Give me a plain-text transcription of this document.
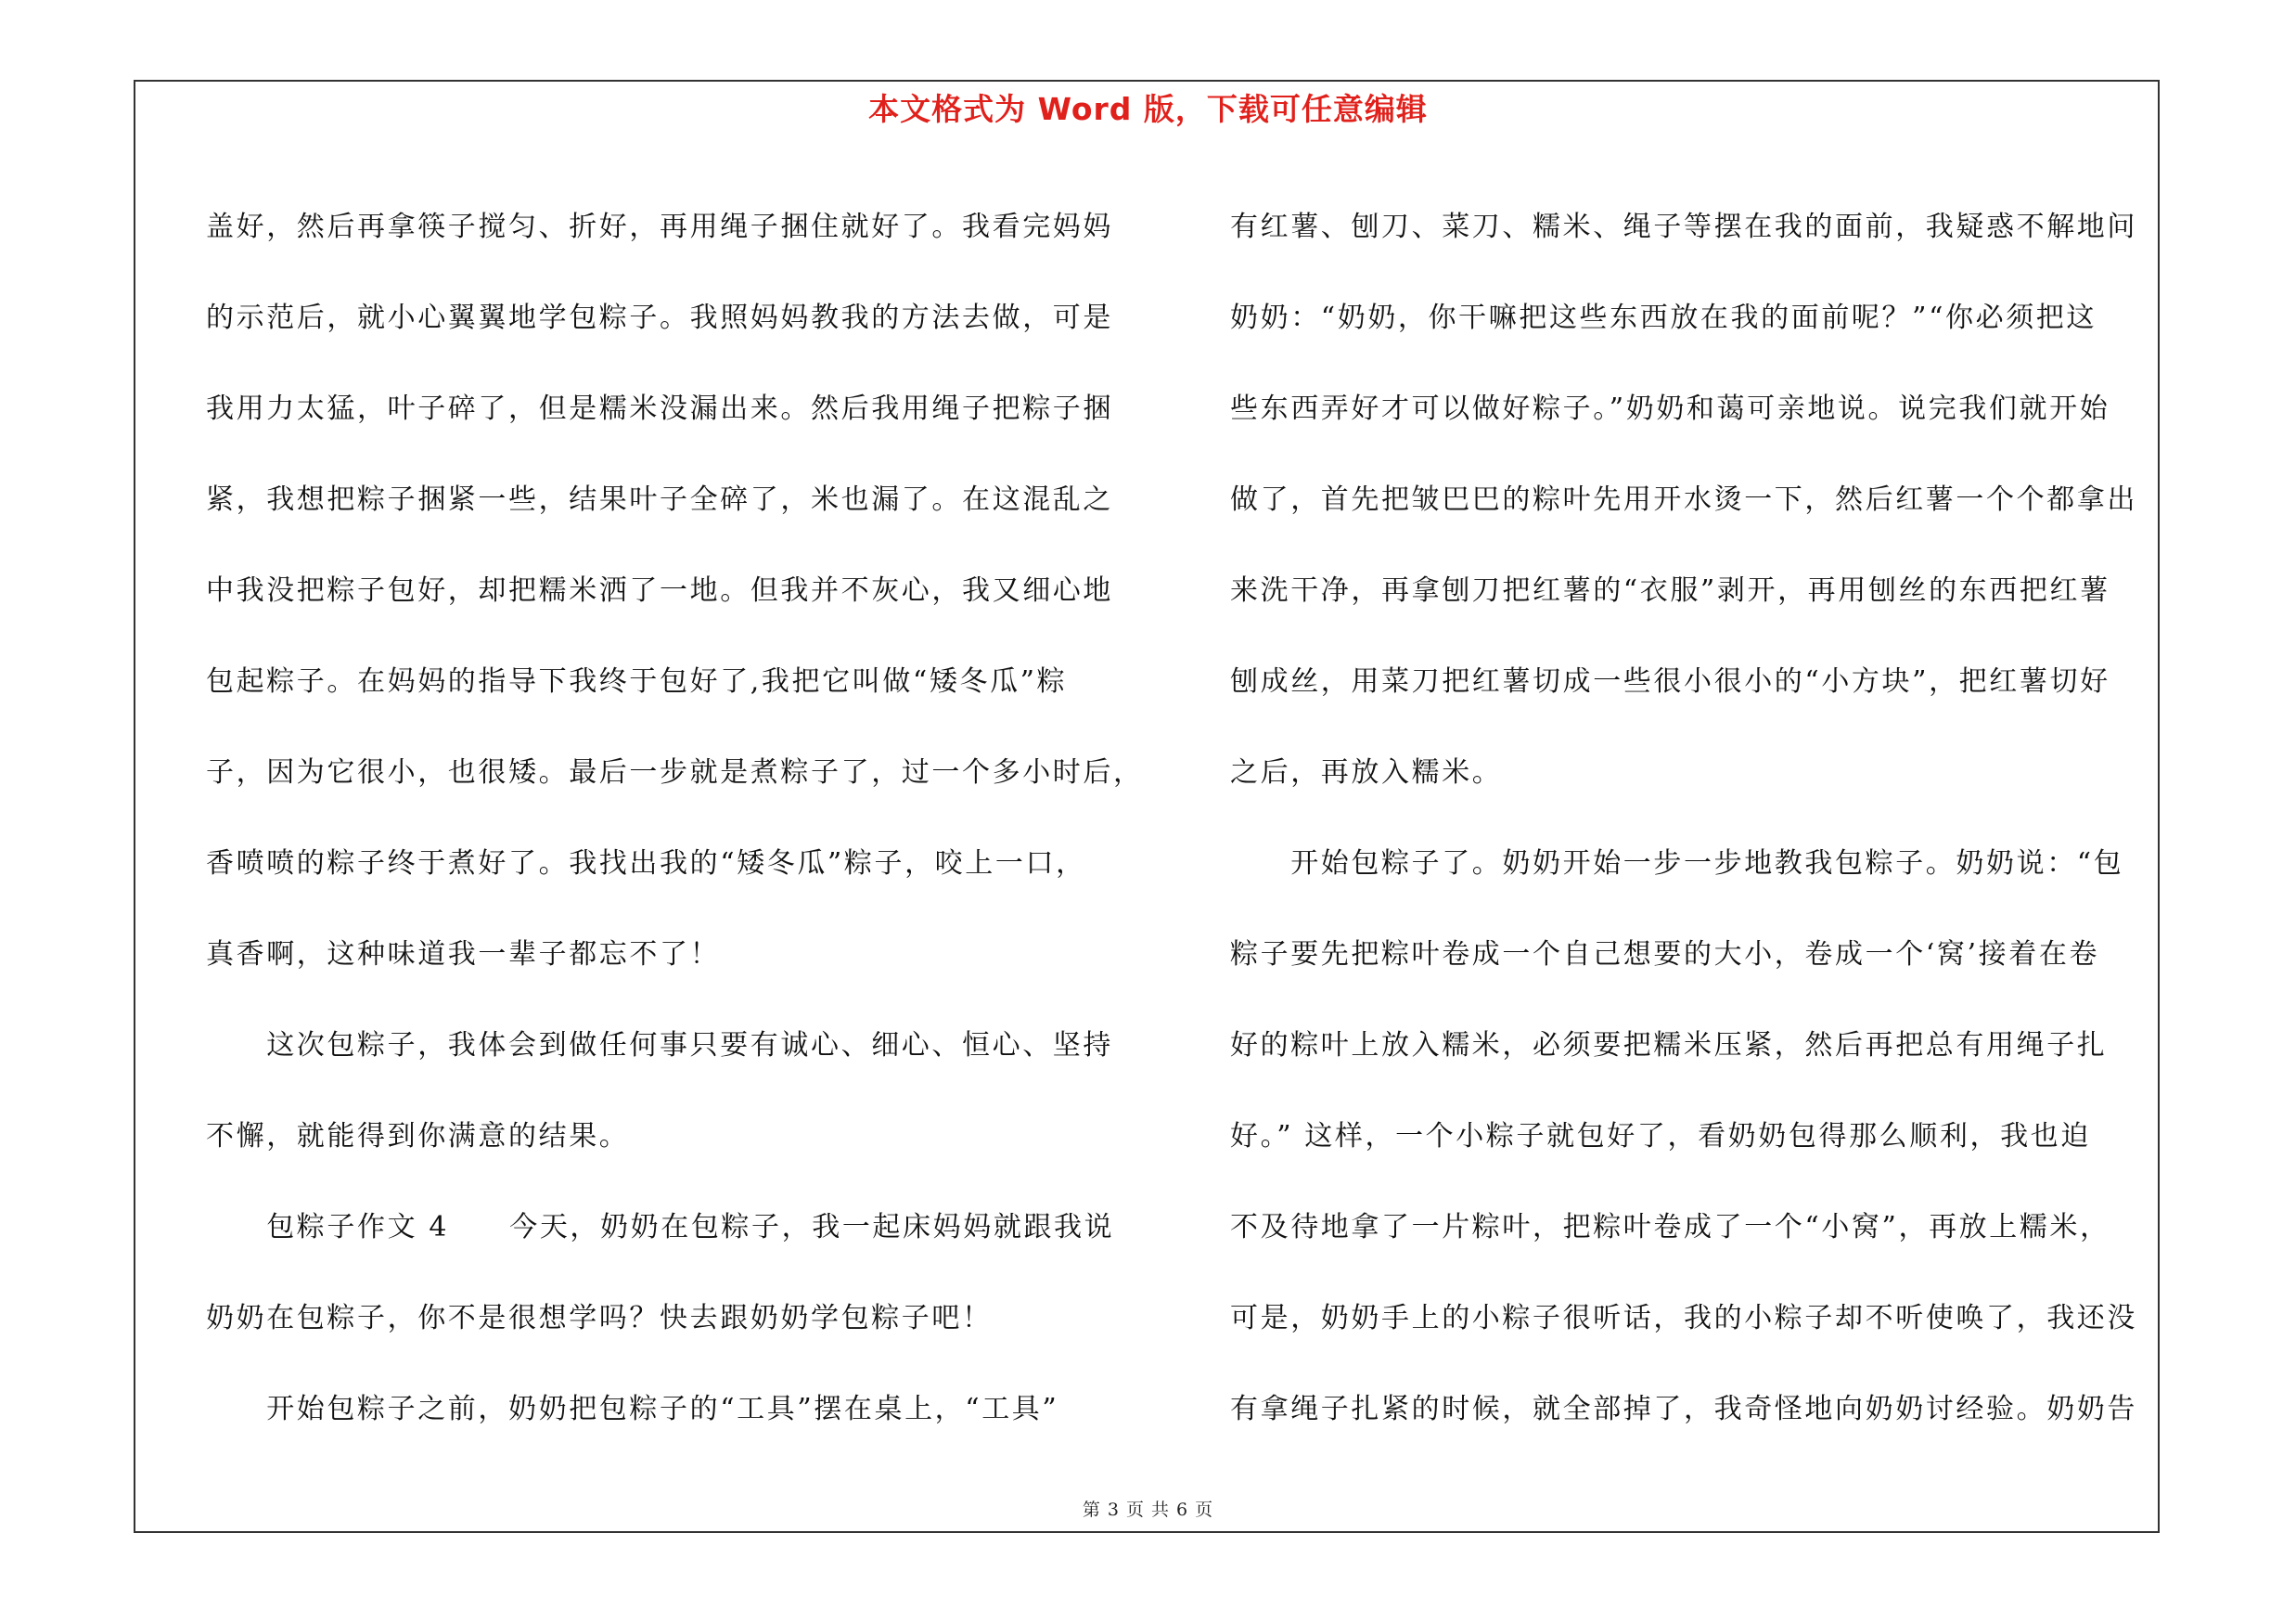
本文格式为 Word 版，下载可任意编辑
盖好，然后再拿筷子搅匀、折好，再用绳子捆住就好了。我看完妈妈
的示范后，就小心翼翼地学包粽子。我照妈妈教我的方法去做，可是
我用力太猛，叶子碎了，但是糯米没漏出来。然后我用绳子把粽子捆
紧，我想把粽子捆紧一些，结果叶子全碎了，米也漏了。在这混乱之
中我没把粽子包好，却把糯米洒了一地。但我并不灰心，我又细心地
包起粽子。在妈妈的指导下我终于包好了,我把它叫做“矮冬瓜”粽
子，因为它很小，也很矮。最后一步就是煮粽子了，过一个多小时后，
香喷喷的粽子终于煮好了。我找出我的“矮冬瓜”粽子，咬上一口，
真香啊，这种味道我一辈子都忘不了！
　　这次包粽子，我体会到做任何事只要有诚心、细心、恒心、坚持
不懈，就能得到你满意的结果。
　　包粽子作文 4　　今天，奶奶在包粽子，我一起床妈妈就跟我说
奶奶在包粽子，你不是很想学吗？快去跟奶奶学包粽子吧！
　　开始包粽子之前，奶奶把包粽子的“工具”摆在桌上，“工具”
有红薯、刨刀、菜刀、糯米、绳子等摆在我的面前，我疑惑不解地问
奶奶：“奶奶，你干嘛把这些东西放在我的面前呢？”“你必须把这
些东西弄好才可以做好粽子。”奶奶和蔼可亲地说。说完我们就开始
做了，首先把皱巴巴的粽叶先用开水烫一下，然后红薯一个个都拿出
来洗干净，再拿刨刀把红薯的“衣服”剥开，再用刨丝的东西把红薯
刨成丝，用菜刀把红薯切成一些很小很小的“小方块”，把红薯切好
之后，再放入糯米。
　　开始包粽子了。奶奶开始一步一步地教我包粽子。奶奶说：“包
粽子要先把粽叶卷成一个自己想要的大小，卷成一个‘窝’接着在卷
好的粽叶上放入糯米，必须要把糯米压紧，然后再把总有用绳子扎
好。” 这样，一个小粽子就包好了，看奶奶包得那么顺利，我也迫
不及待地拿了一片粽叶，把粽叶卷成了一个“小窝”，再放上糯米，
可是，奶奶手上的小粽子很听话，我的小粽子却不听使唤了，我还没
有拿绳子扎紧的时候，就全部掉了，我奇怪地向奶奶讨经验。奶奶告
第 3 页 共 6 页
